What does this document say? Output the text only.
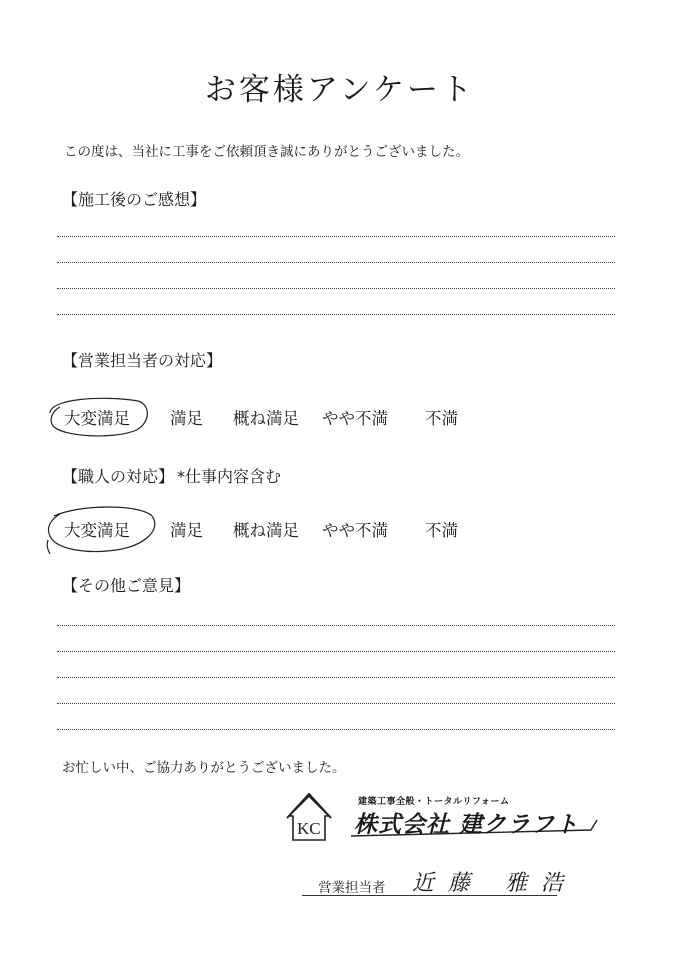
お客様アンケート
この度は、当社に工事をご依頼頂き誠にありがとうございました。
【施工後のご感想】
【営業担当者の対応】
大変満足 満足 概ね満足 やや不満 不満
【職人の対応】 *仕事内容含む
大変満足 満足 概ね満足 やや不満 不満
【その他ご意見】
お忙しい中、ご協力ありがとうございました。
KC
建築工事全般・トータルリフォーム
株式会社 建クラフト
営業担当者 近藤 雅浩
